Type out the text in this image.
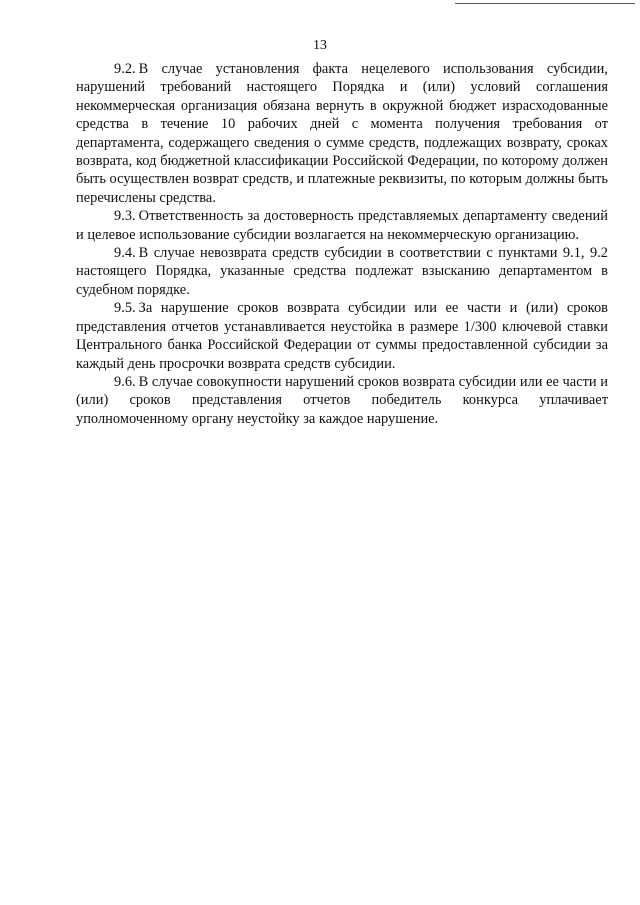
13

9.2. В случае установления факта нецелевого использования субсидии, нарушений требований настоящего Порядка и (или) условий соглашения некоммерческая организация обязана вернуть в окружной бюджет израсходованные средства в течение 10 рабочих дней с момента получения требования от департамента, содержащего сведения о сумме средств, подлежащих возврату, сроках возврата, код бюджетной классификации Российской Федерации, по которому должен быть осуществлен возврат средств, и платежные реквизиты, по которым должны быть перечислены средства.

9.3. Ответственность за достоверность представляемых департаменту сведений и целевое использование субсидии возлагается на некоммерческую организацию.

9.4. В случае невозврата средств субсидии в соответствии с пунктами 9.1, 9.2 настоящего Порядка, указанные средства подлежат взысканию департаментом в судебном порядке.

9.5. За нарушение сроков возврата субсидии или ее части и (или) сроков представления отчетов устанавливается неустойка в размере 1/300 ключевой ставки Центрального банка Российской Федерации от суммы предоставленной субсидии за каждый день просрочки возврата средств субсидии.

9.6. В случае совокупности нарушений сроков возврата субсидии или ее части и (или) сроков представления отчетов победитель конкурса уплачивает уполномоченному органу неустойку за каждое нарушение.
